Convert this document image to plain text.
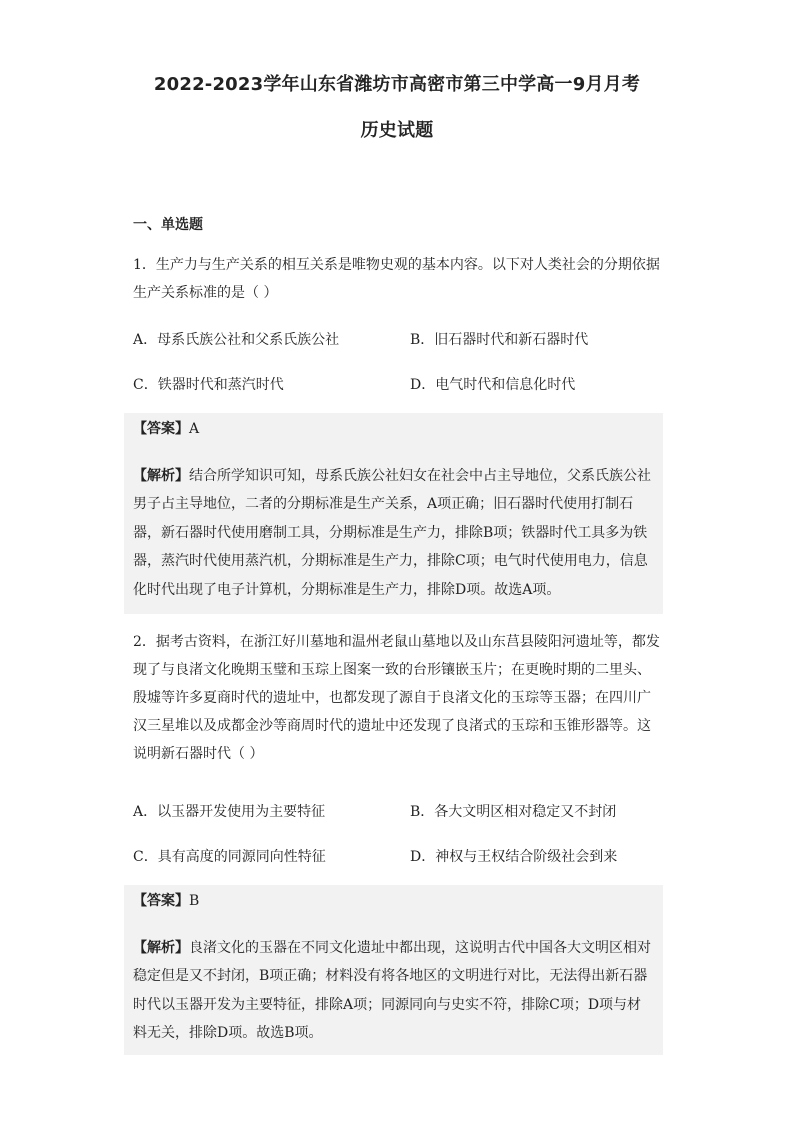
2022-2023学年山东省潍坊市高密市第三中学高一9月月考
历史试题
一、单选题
1．生产力与生产关系的相互关系是唯物史观的基本内容。以下对人类社会的分期依据生产关系标准的是（ ）
A．母系氏族公社和父系氏族公社	B．旧石器时代和新石器时代
C．铁器时代和蒸汽时代	D．电气时代和信息化时代

【答案】A

【解析】结合所学知识可知，母系氏族公社妇女在社会中占主导地位，父系氏族公社男子占主导地位，二者的分期标准是生产关系，A项正确；旧石器时代使用打制石器，新石器时代使用磨制工具，分期标准是生产力，排除B项；铁器时代工具多为铁器，蒸汽时代使用蒸汽机，分期标准是生产力，排除C项；电气时代使用电力，信息化时代出现了电子计算机，分期标准是生产力，排除D项。故选A项。

2．据考古资料，在浙江好川墓地和温州老鼠山墓地以及山东莒县陵阳河遗址等，都发现了与良渚文化晚期玉璧和玉琮上图案一致的台形镶嵌玉片；在更晚时期的二里头、殷墟等许多夏商时代的遗址中，也都发现了源自于良渚文化的玉琮等玉器；在四川广汉三星堆以及成都金沙等商周时代的遗址中还发现了良渚式的玉琮和玉锥形器等。这说明新石器时代（ ）
A．以玉器开发使用为主要特征	B．各大文明区相对稳定又不封闭
C．具有高度的同源同向性特征	D．神权与王权结合阶级社会到来

【答案】B

【解析】良渚文化的玉器在不同文化遗址中都出现，这说明古代中国各大文明区相对稳定但是又不封闭，B项正确；材料没有将各地区的文明进行对比，无法得出新石器时代以玉器开发为主要特征，排除A项；同源同向与史实不符，排除C项；D项与材料无关，排除D项。故选B项。
